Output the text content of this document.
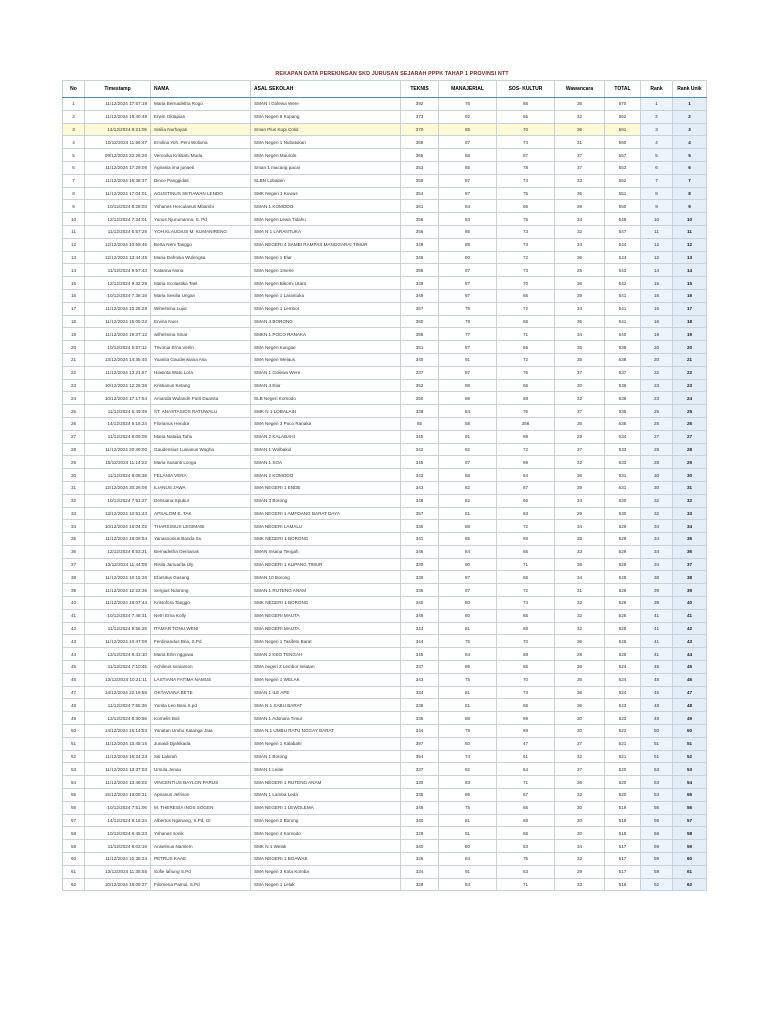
REKAPAN DATA PEREKINGAN SKD JURUSAN SEJARAH PPPK TAHAP 1 PROVINSI NTT
No	Timestamp	NAMA	ASAL SEKOLAH	TEKNIS	MANAJERIAL	SOS- KULTUR	Wawancara	TOTAL	Rank	Rank Unik
1	11/12/2024 17:57:19	Maria Bernadetha Rogo	SMAN I Golewa Were	392	76	66	36	570	1	1
2	11/12/2024 19:40:48	Erwin Oktapian	SMA Negeri 8 Kupang	373	92	65	32	562	2	2
3	14/12/2024 9:21:05	Sisilia Nurhayati	Sman Plus Kopi Colol	370	85	70	36	561	3	3
4	10/12/2024 11:56:47	Emilina Yoh. Peni Woliona	SMA Negeri 1 Nubatukan	368	87	74	31	560	4	4
5	09/12/2024 22:26:26	Veronika Kristiani Muda	SMA Negeri Maurole	365	88	67	37	557	5	5
6	11/12/2024 17:29:08	Agnasia ima junaeti	Sman 1 macang pacar	353	85	78	37	553	6	6
7	11/12/2024 16:38:37	Dince Panggidas	SLBN Lobalain	358	87	74	33	552	7	7
8	11/12/2024 17:04:01	AGUSTINUS SETIAWAN LENDO	SMK Negeri 1 Kuwus	354	87	75	35	551	8	8
9	10/12/2024 8:28:03	Yohanes Herculanus Mbambi	SMAN 1 KOMODO	361	84	66	39	550	9	9
10	12/12/2024 7:34:01	Yunus Njurumanna, S. Pd	SMA Negeri Lewa Tidahu	356	83	75	34	548	10	10
11	11/12/2024 6:57:29	YOH.KLAUDIUS M. KUMANIRENG	SMA N 1 LARANTUKA	356	86	73	32	547	11	11
12	12/12/2024 10:58:46	Berta Neni Tanggo	SMA NEGERI 4 SAMBI RAMPAS MANGGARAI TIMUR	349	88	73	34	544	12	12
13	12/12/2024 13:44:45	Maria Dafrosia Wulengsa	SMA Negeri 1 Elar	346	90	72	36	544	12	13
14	11/12/2024 9:57:43	Katarina Nona	SMA Negeri 1Inerie	358	87	73	25	543	14	14
15	12/12/2024 9:32:29	Maria Scolastika Tael	SMA Negeri Bikomi Utara	349	87	70	36	542	15	15
16	10/12/2024 7:38:18	Maria Sesilia Ungan	SMA Negeri 1 Larantuka	349	87	66	39	541	16	16
17	11/12/2024 10:26:28	Wihelmina Lujut	SMA Negeri 1 Lembor	357	78	72	34	541	16	17
18	11/12/2024 15:05:22	Ervina Nuer	SMAN 3 BORONG	360	78	68	35	541	16	18
19	11/12/2024 19:37:12	wilhelmina Sinar	SMKN 1 POCO RANAKA	358	77	71	34	540	19	19
20	10/12/2024 5:57:12	Trivonia Erna Verlin	SMA Negeri Kangae	351	87	65	35	538	20	20
21	13/12/2024 14:35:40	Yoanita Gaudensiana Asa	SMA Negeri Welaus	340	91	72	35	538	20	21
22	11/12/2024 13:21:57	Hiasinta Watu Lora	SMAN 1 Golewa Were	337	87	76	37	537	22	22
23	10/12/2024 12:26:36	Kristianus Ketang	SMAN 3 Elar	352	88	66	30	536	23	23
24	10/12/2024 17:17:54	Amanda Wulandri Putri Duanita	SLB Negeri Komodo	350	86	68	32	536	23	24
25	11/12/2024 6:49:49	ST. ANASTASIOS RATUWALU	SMK N 1 LOBALAIN	338	84	76	37	535	25	25
26	14/12/2024 9:16:24	Florianus Hendra	SMA Negeri 3 Poco Ranaka	85	58	356	36	535	25	26
27	11/12/2024 8:09:09	Maria Natalia Tahu	SMAN 2 KALABAHI	345	91	69	29	534	27	27
28	11/12/2024 20:49:00	Gaudensius Lusianus Wogha	SMAN 1 Wolbakul	342	82	72	37	533	28	28
29	15/12/2024 11:14:22	Maria Susanti Longa	SMAN 1 SOA	345	87	69	32	533	28	29
30	11/12/2024 8:08:38	FELANIA VERA	SMAN 2 KOMODO	343	88	64	36	531	30	30
31	12/12/2024 20:26:08	ILIANUS JAWA	SMA NEGERI 1 ENDE	343	82	67	39	531	30	31
32	10/12/2024 7:51:27	Densiana Spukur	SMAN 3 Borong	348	82	66	34	530	32	32
33	13/12/2024 10:51:43	APSALOM E. TAK	SMA NEGERI 1 AMFOANG BARAT DAYA	357	81	63	29	530	32	33
34	10/12/2024 16:04:02	THARSISIUS LEGIMABI	SMA NEGERI LAMALU	335	88	72	34	529	34	34
35	11/12/2024 18:08:54	Yanasnosius Banda Su	SMK NEGERI 1 BORONG	341	85	68	35	529	34	35
36	12/12/2024 8:53:21	Bernadetha Oemanas	SMAN Insana Tengah	346	84	66	33	529	34	36
37	12/12/2024 11:44:08	Risila Januarita Uly	SMA NEGERI 1 KUPANG TIMUR	330	90	71	38	529	34	37
38	11/12/2024 10:15:26	Efarsitus Gasang	SMAN 10 Borong	339	87	68	34	528	38	38
39	11/12/2024 12:22:36	Sergius Ndorong	SMAN 1 RUTENG ANAM	336	87	72	31	526	39	39
40	11/12/2024 18:07:44	Kristofora Tanggo	SMK NEGERI 1 BORONG	340	80	74	32	526	39	40
41	10/12/2024 7:48:31	Netri Erna Kolly	SMA NEGERI MAUTA	348	80	65	32	525	41	41
42	11/12/2024 9:56:25	ITAMAR TONU WENI	SMA NEGERI MAUTA	344	81	68	32	525	41	42
43	11/12/2024 10:47:08	Ferdinandus Bria, S.Pd	SMA Negeri 1 Tasifeto Barat	344	75	70	36	525	41	43
44	12/12/2024 8:43:10	Maria Erlin nggowa	SMAN 2 KEO TENGAH	345	84	68	28	525	41	44
45	11/12/2024 7:10:45	Achileus soniarson	SMA negeri 2 Lembor selatan	337	86	65	36	524	45	45
46	13/12/2024 10:21:11	LASTIANA FATIMA NAMUS	SMA Negeri 1 WELAK	343	75	70	36	524	45	46
47	14/12/2024 22:19:55	OKTAVIANA BETE	SMAN 1 ILE APE	334	81	73	36	524	45	47
48	11/12/2024 7:55:36	Yunita Leo Bani,S.pd	SMA N 1 SABU BARAT	338	81	68	36	523	48	48
49	12/12/2024 8:30:56	Kornelis Boli	SMAN 1 Adonara Timur	336	88	69	30	523	48	49
50	14/12/2024 16:14:53	Yonatan Umbu Katanga Jata	SMA N 1 UMBU RATU NGGAY BARAT	344	79	69	30	522	50	50
51	11/12/2024 13:45:15	Junaidi Djahikada	SMA Negeri 1 Kalabahi	397	50	47	27	521	51	51
52	11/12/2024 16:24:23	Siti Lahirah	SMAN 1 Borong	354	74	61	32	521	51	52
53	11/12/2024 13:37:03	Ursula Jenau	SMAN 1 Lelak	337	82	64	37	520	53	53
54	11/12/2024 13:46:02	VINCENTIUS BAYLON PARUS	SMA NEGERI 1 RUTENG ANAM	330	83	71	36	520	53	54
55	15/12/2024 19:09:31	Aprianus Jefrison	SMAN 1 Lamba Leda	335	86	67	32	520	53	55
56	10/12/2024 7:51:06	M. THERESIA INOS SOGEN	SMA NEGERI 1 LEWOLEMA	348	75	66	30	519	56	56
57	14/12/2024 9:16:24	Albertus Nganang, S.Pd, Gr	SMA Negeri 2 Borong	340	81	68	30	519	56	57
58	10/12/2024 6:45:23	Yohanes sonik	SMA Negeri 4 Komodo	329	91	68	30	518	58	58
59	11/12/2024 8:02:19	Anselmus Namlem	SMK N 1 Welak	340	80	63	34	517	59	59
60	11/12/2024 10:38:24	PETRUS KAAE	SMA NEGERI 1 BOAWAE	325	84	76	32	517	59	60
61	13/12/2024 11:35:55	Sofie lahung S.Pd	SMA Negeri 3 Kota Komba	334	91	63	29	517	59	61
62	10/12/2024 18:09:27	Filomena Pamul, S.Pd	SMA Negeri 1 Lelak	328	84	71	33	516	62	62
